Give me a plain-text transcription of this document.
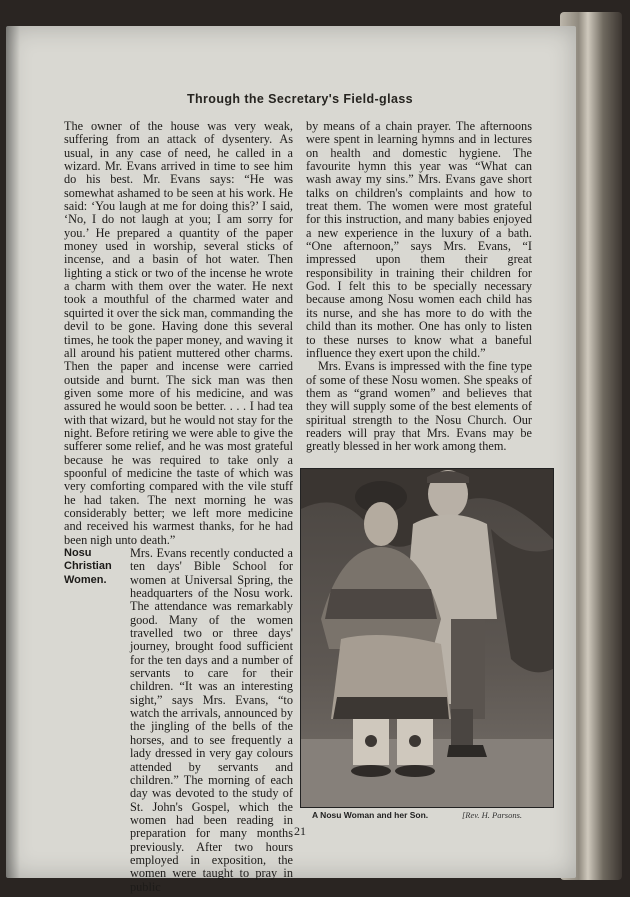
Through the Secretary's Field-glass

The owner of the house was very weak, suffering from an attack of dysentery. As usual, in any case of need, he called in a wizard. Mr. Evans arrived in time to see him do his best. Mr. Evans says: “He was somewhat ashamed to be seen at his work. He said: ‘You laugh at me for doing this?’ I said, ‘No, I do not laugh at you; I am sorry for you.’ He prepared a quantity of the paper money used in worship, several sticks of incense, and a basin of hot water. Then lighting a stick or two of the incense he wrote a charm with them over the water. He next took a mouthful of the charmed water and squirted it over the sick man, commanding the devil to be gone. Having done this several times, he took the paper money, and waving it all around his patient muttered other charms. Then the paper and incense were carried outside and burnt. The sick man was then given some more of his medicine, and was assured he would soon be better. . . . I had tea with that wizard, but he would not stay for the night. Before retiring we were able to give the sufferer some relief, and he was most grateful because he was required to take only a spoonful of medicine the taste of which was very comforting compared with the vile stuff he had taken. The next morning he was considerably better; we left more medicine and received his warmest thanks, for he had been nigh unto death.”

Nosu Christian Women.
Mrs. Evans recently conducted a ten days' Bible School for women at Universal Spring, the headquarters of the Nosu work. The attendance was remarkably good. Many of the women travelled two or three days' journey, brought food sufficient for the ten days and a number of servants to care for their children. “It was an interesting sight,” says Mrs. Evans, “to watch the arrivals, announced by the jingling of the bells of the horses, and to see frequently a lady dressed in very gay colours attended by servants and children.” The morning of each day was devoted to the study of St. John's Gospel, which the women had been reading in preparation for many months previously. After two hours employed in exposition, the women were taught to pray in public

by means of a chain prayer. The afternoons were spent in learning hymns and in lectures on health and domestic hygiene. The favourite hymn this year was “What can wash away my sins.” Mrs. Evans gave short talks on children's complaints and how to treat them. The women were most grateful for this instruction, and many babies enjoyed a new experience in the luxury of a bath. “One afternoon,” says Mrs. Evans, “I impressed upon them their great responsibility in training their children for God. I felt this to be specially necessary because among Nosu women each child has its nurse, and she has more to do with the child than its mother. One has only to listen to these nurses to know what a baneful influence they exert upon the child.”

Mrs. Evans is impressed with the fine type of some of these Nosu women. She speaks of them as “grand women” and believes that they will supply some of the best elements of spiritual strength to the Nosu Church. Our readers will pray that Mrs. Evans may be greatly blessed in her work among them.

A Nosu Woman and her Son.	[Rev. H. Parsons.
21
